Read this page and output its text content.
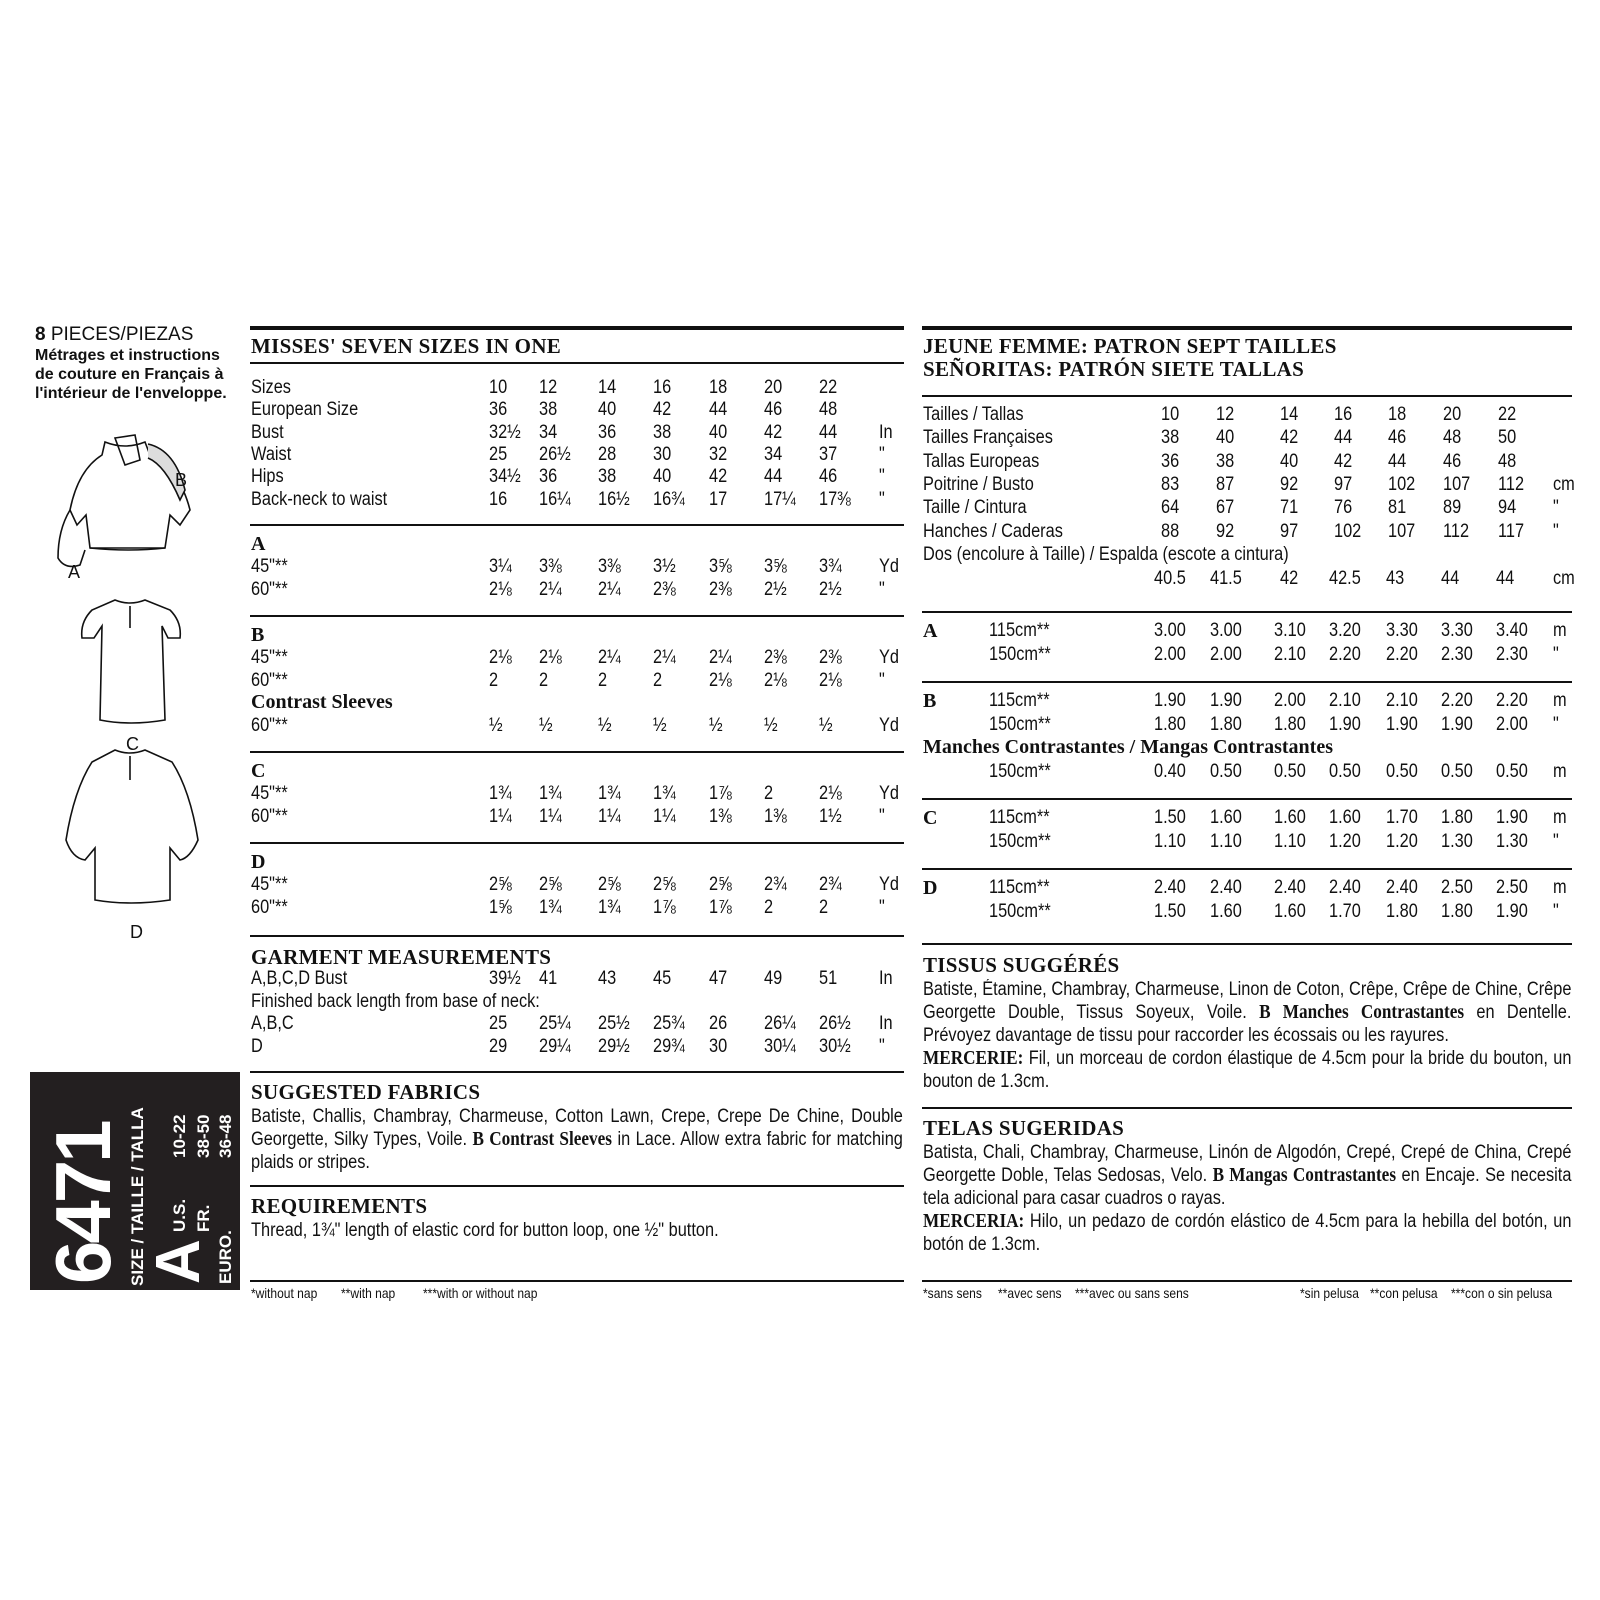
8 PIECES/PIEZAS
Métrages et instructions
de couture en Français à
l'intérieur de l'enveloppe.
B
A
C
D
6471 SIZE / TAILLE / TALLA
A
U.S.
10-22
FR.
38-50
EURO.
36-48
MISSES' SEVEN SIZES IN ONE
Sizes	10 12 14 16 18 20 22
European Size	36 38 40 42 44 46 48
Bust	32½ 34 36 38 40 42 44 In
Waist	25 26½ 28 30 32 34 37 "
Hips	34½ 36 38 40 42 44 46 "
Back-neck to waist	16 16¼ 16½ 16¾ 17 17¼ 17⅜ "
A
45"**	3¼ 3⅜ 3⅜ 3½ 3⅝ 3⅝ 3¾ Yd
60"**	2⅛ 2¼ 2¼ 2⅜ 2⅜ 2½ 2½ "
B
45"**	2⅛ 2⅛ 2¼ 2¼ 2¼ 2⅜ 2⅜ Yd
60"**	2 2	2 2 2⅛ 2⅛ 2⅛ "
Contrast Sleeves
60"**	½ ½ ½ ½ ½ ½ ½ Yd
C
45"**	1¾ 1¾ 1¾ 1¾ 1⅞ 2 2⅛ Yd
60"**	1¼ 1¼ 1¼ 1¼ 1⅜ 1⅜ 1½ "
D
45"**	2⅝ 2⅝ 2⅝ 2⅝ 2⅝ 2¾ 2¾ Yd
60"**	1⅝ 1¾ 1¾ 1⅞ 1⅞ 2 2	"
GARMENT MEASUREMENTS
A,B,C,D Bust	39½ 41 43 45 47 49 51 In
Finished back length from base of neck:
A,B,C	25 25¼ 25½ 25¾ 26 26¼ 26½ In
D	29 29¼ 29½ 29¾ 30 30¼ 30½ "
SUGGESTED FABRICS
Batiste, Challis, Chambray, Charmeuse, Cotton Lawn, Crepe, Crepe De Chine, Double Georgette, Silky Types, Voile. B Contrast Sleeves in Lace. Allow extra fabric for matching plaids or stripes.
REQUIREMENTS
Thread, 1¾" length of elastic cord for button loop, one ½" button.
*without nap **with nap ***with or without nap
JEUNE FEMME: PATRON SEPT TAILLES
SEÑORITAS: PATRÓN SIETE TALLAS
Tailles / Tallas	10 12 14 16 18 20 22
Tailles Françaises	38 40 42 44 46 48 50
Tallas Europeas	36 38 40 42 44 46 48
Poitrine / Busto	83 87 92 97 102 107 112 cm
Taille / Cintura	64 67 71 76 81 89 94 "
Hanches / Caderas	88 92 97 102 107 112 117 "
Dos (encolure à Taille) / Espalda (escote a cintura)
40.5 41.5 42 42.5 43 44 44 cm
A	115cm**	3.00 3.00 3.10 3.20 3.30 3.30 3.40 m
150cm**	2.00 2.00 2.10 2.20 2.20 2.30 2.30 "
B	115cm**	1.90 1.90 2.00 2.10 2.10 2.20 2.20 m
150cm**	1.80 1.80 1.80 1.90 1.90 1.90 2.00 "
Manches Contrastantes / Mangas Contrastantes
150cm**	0.40 0.50 0.50 0.50 0.50 0.50 0.50 m
C	115cm**	1.50 1.60 1.60 1.60 1.70 1.80 1.90 m
150cm**	1.10 1.10 1.10 1.20 1.20 1.30 1.30 "
D	115cm**	2.40 2.40 2.40 2.40 2.40 2.50 2.50 m
150cm**	1.50 1.60 1.60 1.70 1.80 1.80 1.90 "
TISSUS SUGGÉRÉS
Batiste, Étamine, Chambray, Charmeuse, Linon de Coton, Crêpe, Crêpe de Chine, Crêpe Georgette Double, Tissus Soyeux, Voile. B Manches Contrastantes en Dentelle. Prévoyez davantage de tissu pour raccorder les écossais ou les rayures.
MERCERIE: Fil, un morceau de cordon élastique de 4.5cm pour la bride du bouton, un bouton de 1.3cm.
TELAS SUGERIDAS
Batista, Chali, Chambray, Charmeuse, Linón de Algodón, Crepé, Crepé de China, Crepé Georgette Doble, Telas Sedosas, Velo. B Mangas Contrastantes en Encaje. Se necesita tela adicional para casar cuadros o rayas.
MERCERIA: Hilo, un pedazo de cordón elástico de 4.5cm para la hebilla del botón, un botón de 1.3cm.
*sans sens **avec sens ***avec ou sans sens	*sin pelusa **con pelusa ***con o sin pelusa
